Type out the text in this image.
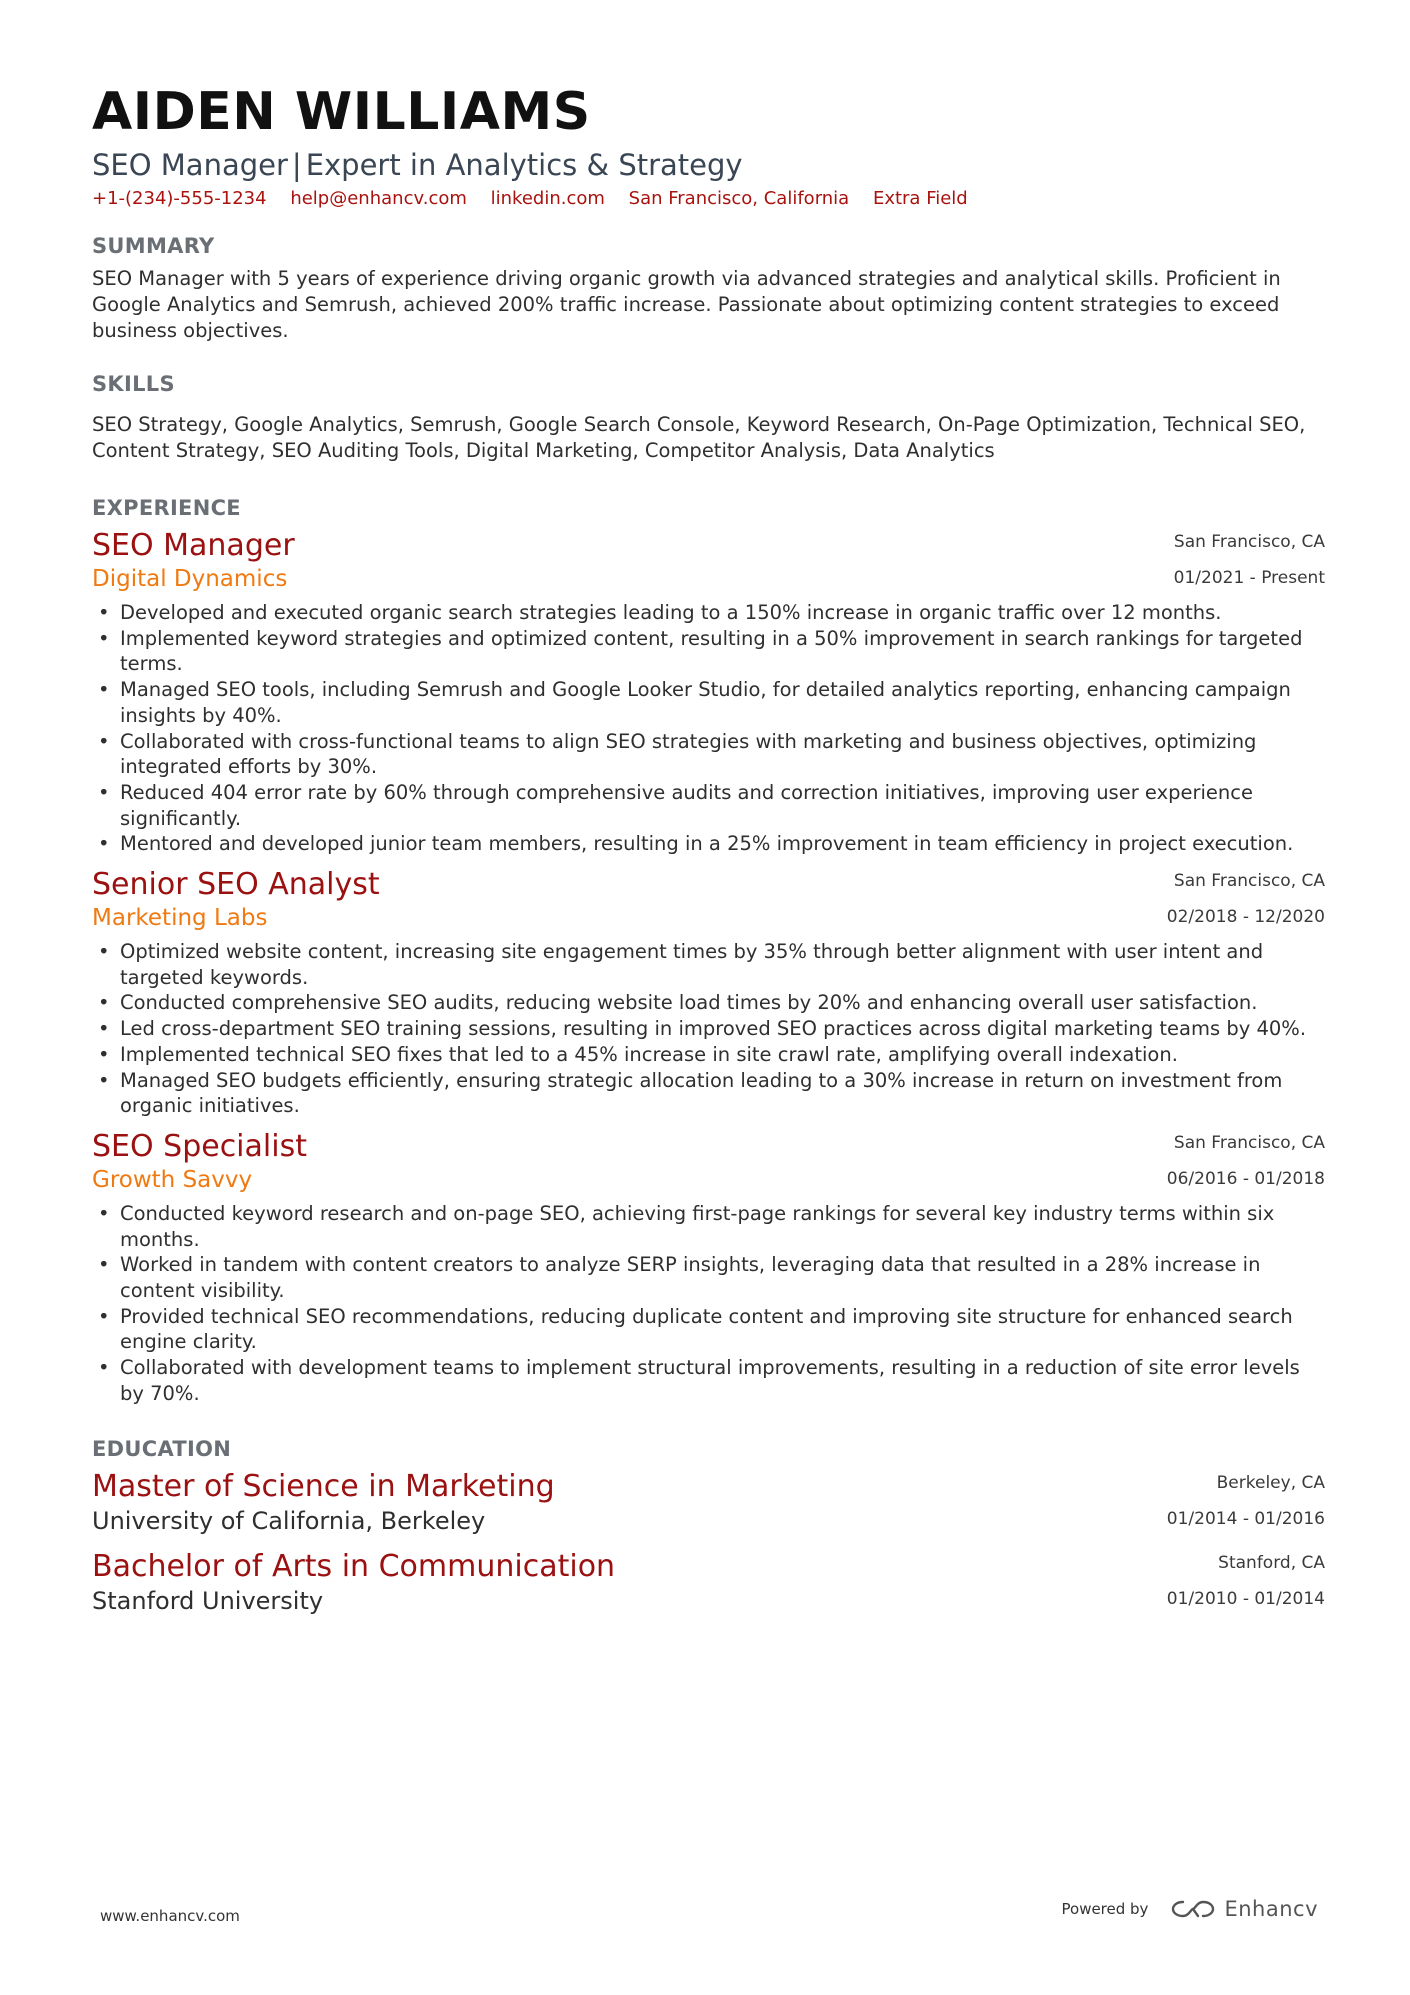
AIDEN WILLIAMS
SEO Manager | Expert in Analytics & Strategy
+1-(234)-555-1234 help@enhancv.com linkedin.com San Francisco, California Extra Field
SUMMARY
SEO Manager with 5 years of experience driving organic growth via advanced strategies and analytical skills. Proficient in Google Analytics and Semrush, achieved 200% traffic increase. Passionate about optimizing content strategies to exceed business objectives.
SKILLS
SEO Strategy, Google Analytics, Semrush, Google Search Console, Keyword Research, On-Page Optimization, Technical SEO, Content Strategy, SEO Auditing Tools, Digital Marketing, Competitor Analysis, Data Analytics
EXPERIENCE
SEO Manager
Digital Dynamics
San Francisco, CA
01/2021 - Present
• Developed and executed organic search strategies leading to a 150% increase in organic traffic over 12 months.
• Implemented keyword strategies and optimized content, resulting in a 50% improvement in search rankings for targeted terms.
• Managed SEO tools, including Semrush and Google Looker Studio, for detailed analytics reporting, enhancing campaign insights by 40%.
• Collaborated with cross-functional teams to align SEO strategies with marketing and business objectives, optimizing integrated efforts by 30%.
• Reduced 404 error rate by 60% through comprehensive audits and correction initiatives, improving user experience significantly.
• Mentored and developed junior team members, resulting in a 25% improvement in team efficiency in project execution.
Senior SEO Analyst
Marketing Labs
San Francisco, CA
02/2018 - 12/2020
• Optimized website content, increasing site engagement times by 35% through better alignment with user intent and targeted keywords.
• Conducted comprehensive SEO audits, reducing website load times by 20% and enhancing overall user satisfaction.
• Led cross-department SEO training sessions, resulting in improved SEO practices across digital marketing teams by 40%.
• Implemented technical SEO fixes that led to a 45% increase in site crawl rate, amplifying overall indexation.
• Managed SEO budgets efficiently, ensuring strategic allocation leading to a 30% increase in return on investment from organic initiatives.
SEO Specialist
Growth Savvy
San Francisco, CA
06/2016 - 01/2018
• Conducted keyword research and on-page SEO, achieving first-page rankings for several key industry terms within six months.
• Worked in tandem with content creators to analyze SERP insights, leveraging data that resulted in a 28% increase in content visibility.
• Provided technical SEO recommendations, reducing duplicate content and improving site structure for enhanced search engine clarity.
• Collaborated with development teams to implement structural improvements, resulting in a reduction of site error levels by 70%.
EDUCATION
Master of Science in Marketing
University of California, Berkeley
Berkeley, CA
01/2014 - 01/2016
Bachelor of Arts in Communication
Stanford University
Stanford, CA
01/2010 - 01/2014
www.enhancv.com	Powered by	Enhancv
